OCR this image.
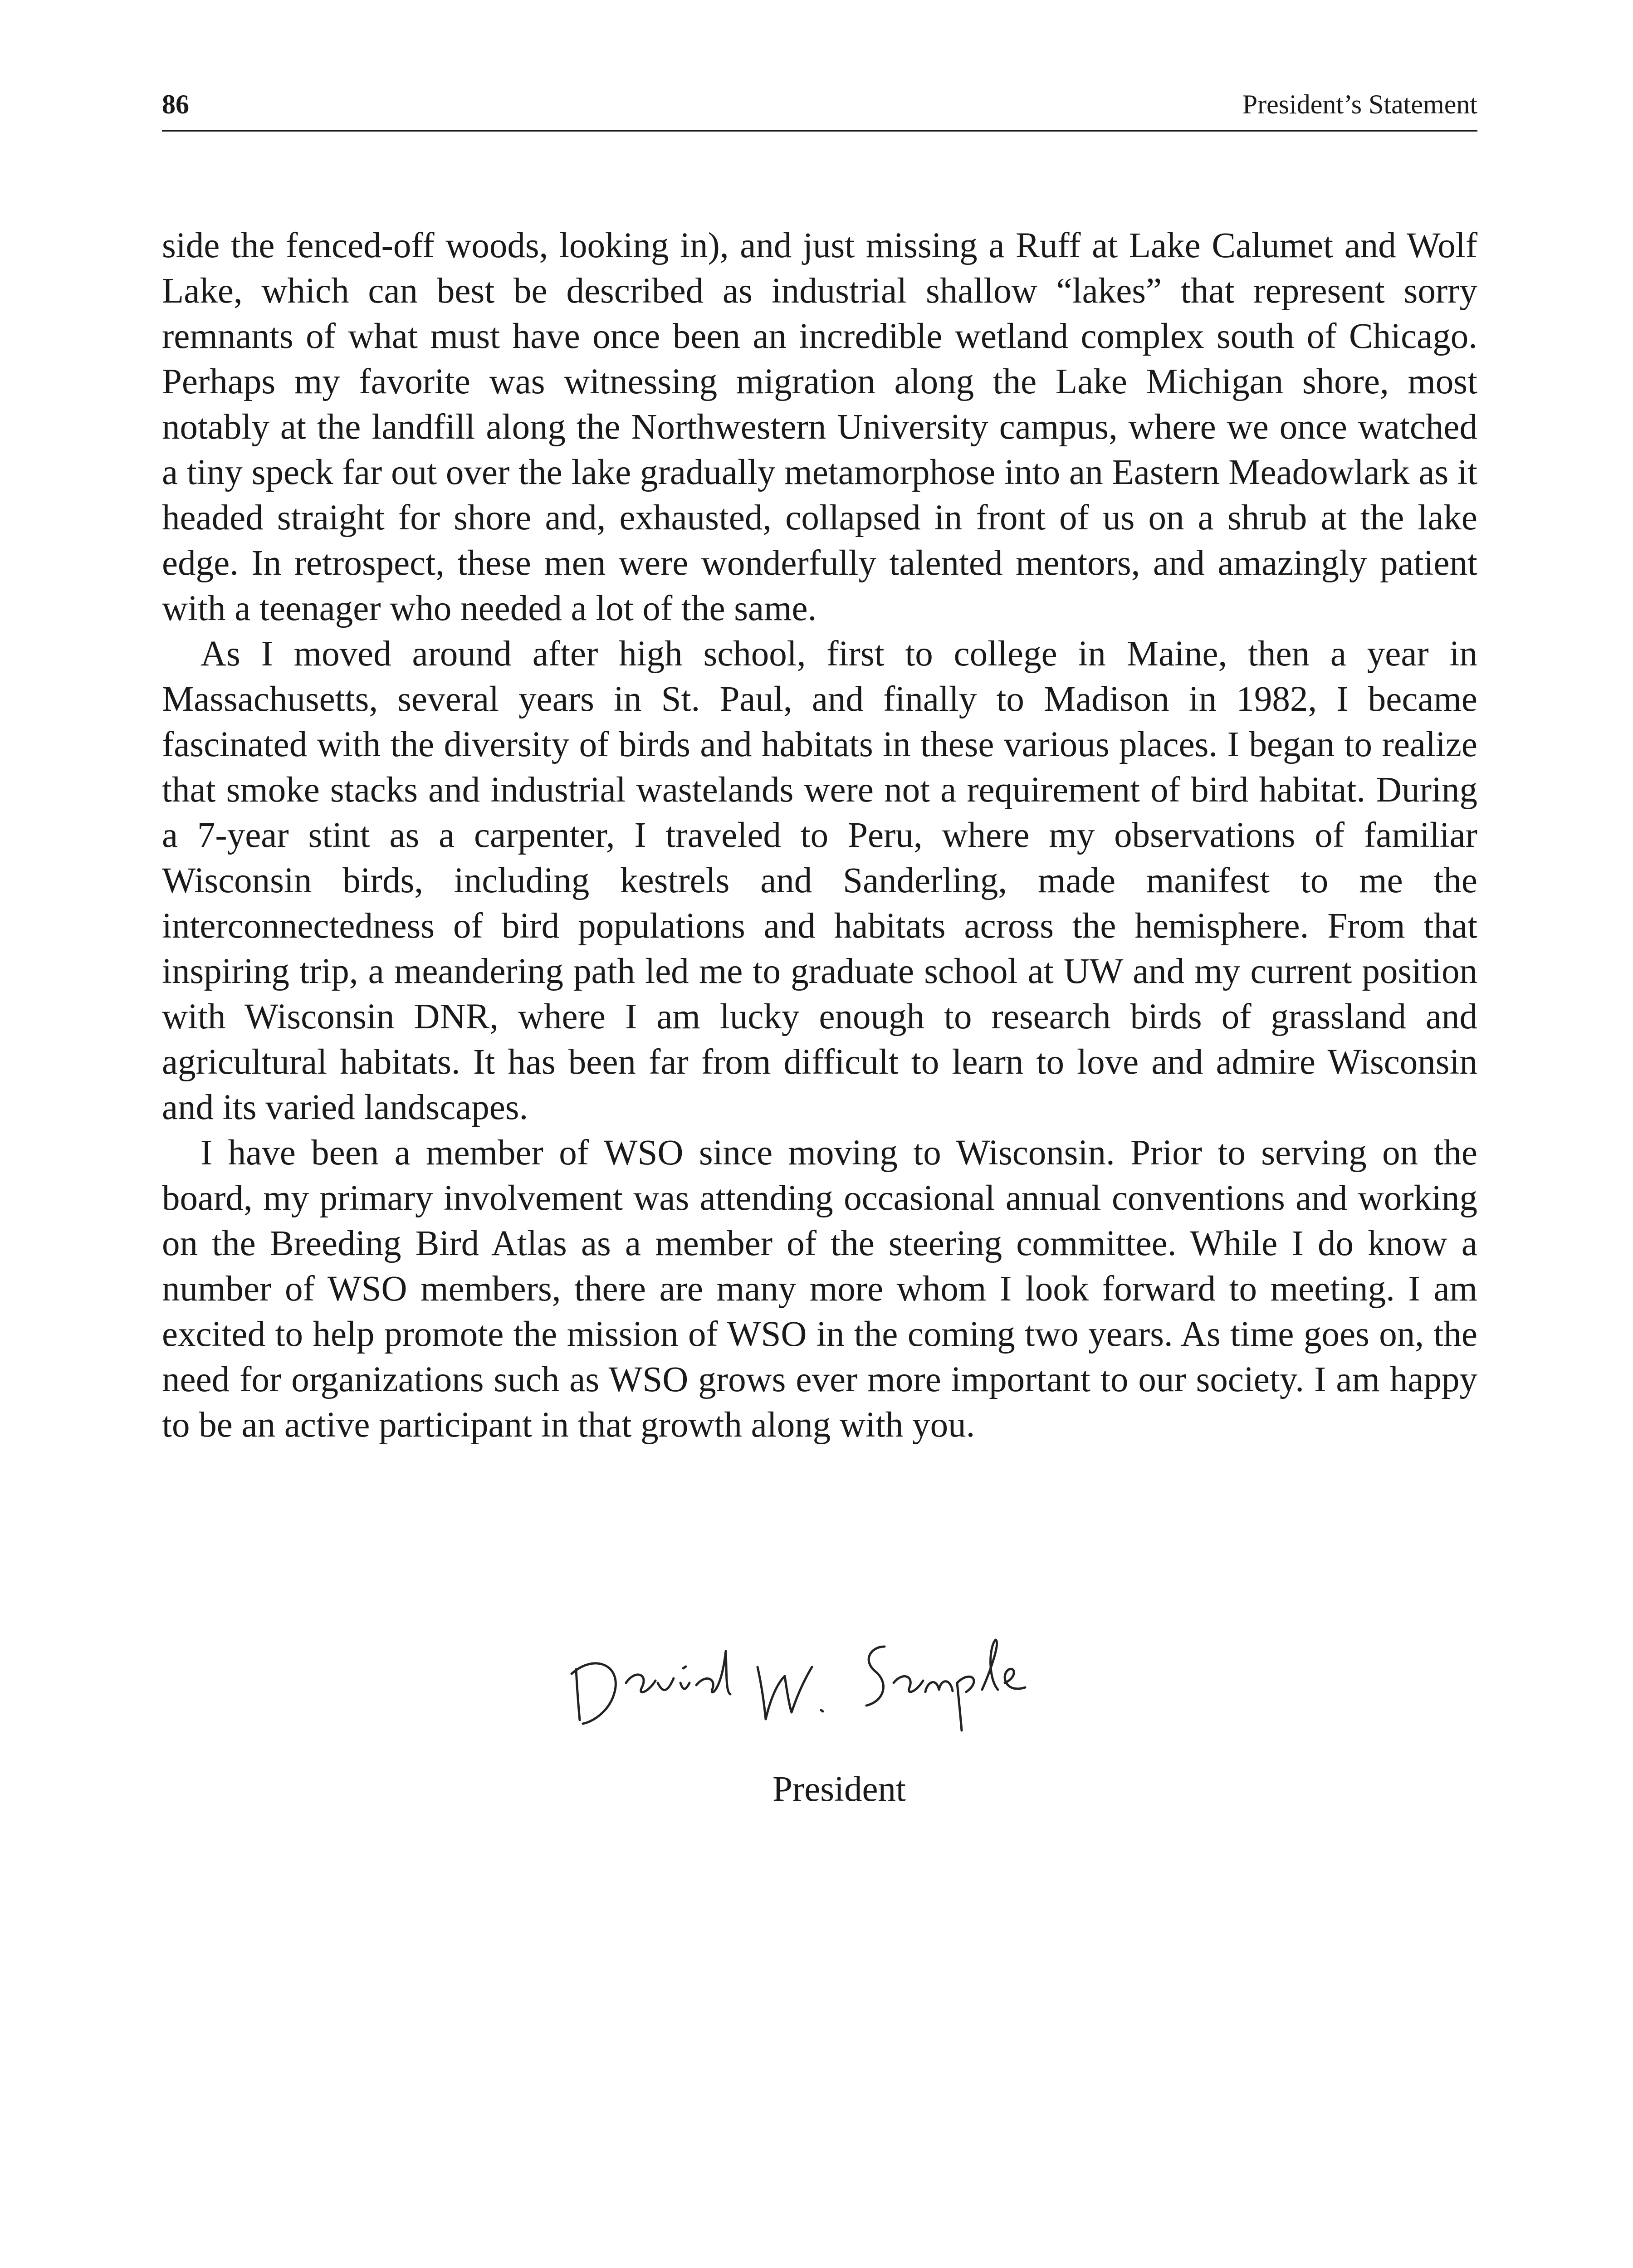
86	President’s Statement

side the fenced-off woods, looking in), and just missing a Ruff at Lake Calumet and Wolf Lake, which can best be described as industrial shallow “lakes” that represent sorry remnants of what must have once been an incredible wetland complex south of Chicago. Perhaps my favorite was witnessing migration along the Lake Michigan shore, most notably at the landfill along the Northwestern University campus, where we once watched a tiny speck far out over the lake gradually metamorphose into an Eastern Meadowlark as it headed straight for shore and, exhausted, collapsed in front of us on a shrub at the lake edge. In retrospect, these men were wonderfully talented mentors, and amazingly patient with a teenager who needed a lot of the same.

As I moved around after high school, first to college in Maine, then a year in Massachusetts, several years in St. Paul, and finally to Madison in 1982, I became fascinated with the diversity of birds and habitats in these various places. I began to realize that smoke stacks and industrial wastelands were not a requirement of bird habitat. During a 7-year stint as a carpenter, I traveled to Peru, where my observations of familiar Wisconsin birds, including kestrels and Sanderling, made manifest to me the interconnectedness of bird populations and habitats across the hemisphere. From that inspiring trip, a meandering path led me to graduate school at UW and my current position with Wisconsin DNR, where I am lucky enough to research birds of grassland and agricultural habitats. It has been far from difficult to learn to love and admire Wisconsin and its varied landscapes.

I have been a member of WSO since moving to Wisconsin. Prior to serving on the board, my primary involvement was attending occasional annual conventions and working on the Breeding Bird Atlas as a member of the steering committee. While I do know a number of WSO members, there are many more whom I look forward to meeting. I am excited to help promote the mission of WSO in the coming two years. As time goes on, the need for organizations such as WSO grows ever more important to our society. I am happy to be an active participant in that growth along with you.

President
